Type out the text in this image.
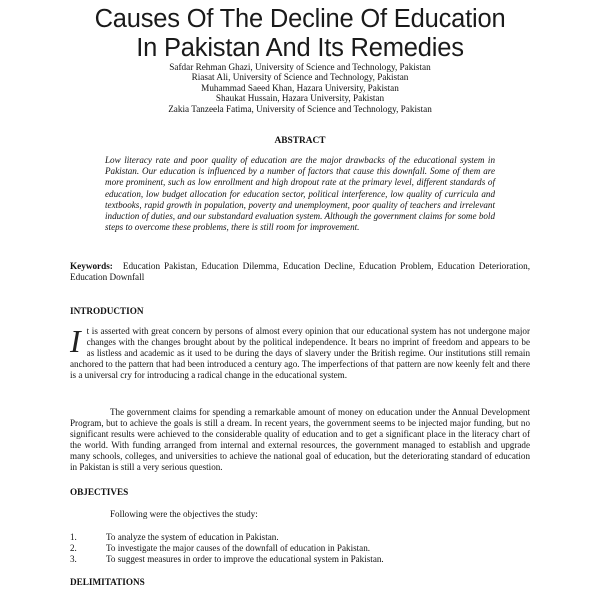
Causes Of The Decline Of Education
In Pakistan And Its Remedies
Safdar Rehman Ghazi, University of Science and Technology, Pakistan
Riasat Ali, University of Science and Technology, Pakistan
Muhammad Saeed Khan, Hazara University, Pakistan
Shaukat Hussain, Hazara University, Pakistan
Zakia Tanzeela Fatima, University of Science and Technology, Pakistan
ABSTRACT
Low literacy rate and poor quality of education are the major drawbacks of the educational system in Pakistan. Our education is influenced by a number of factors that cause this downfall. Some of them are more prominent, such as low enrollment and high dropout rate at the primary level, different standards of education, low budget allocation for education sector, political interference, low quality of curricula and textbooks, rapid growth in population, poverty and unemployment, poor quality of teachers and irrelevant induction of duties, and our substandard evaluation system. Although the government claims for some bold steps to overcome these problems, there is still room for improvement.
Keywords: Education Pakistan, Education Dilemma, Education Decline, Education Problem, Education Deterioration, Education Downfall
INTRODUCTION
It is asserted with great concern by persons of almost every opinion that our educational system has not undergone major changes with the changes brought about by the political independence. It bears no imprint of freedom and appears to be as listless and academic as it used to be during the days of slavery under the British regime. Our institutions still remain anchored to the pattern that had been introduced a century ago. The imperfections of that pattern are now keenly felt and there is a universal cry for introducing a radical change in the educational system.
The government claims for spending a remarkable amount of money on education under the Annual Development Program, but to achieve the goals is still a dream. In recent years, the government seems to be injected major funding, but no significant results were achieved to the considerable quality of education and to get a significant place in the literacy chart of the world. With funding arranged from internal and external resources, the government managed to establish and upgrade many schools, colleges, and universities to achieve the national goal of education, but the deteriorating standard of education in Pakistan is still a very serious question.
OBJECTIVES
Following were the objectives the study:
1.	To analyze the system of education in Pakistan.
2.	To investigate the major causes of the downfall of education in Pakistan.
3.	To suggest measures in order to improve the educational system in Pakistan.
DELIMITATIONS
